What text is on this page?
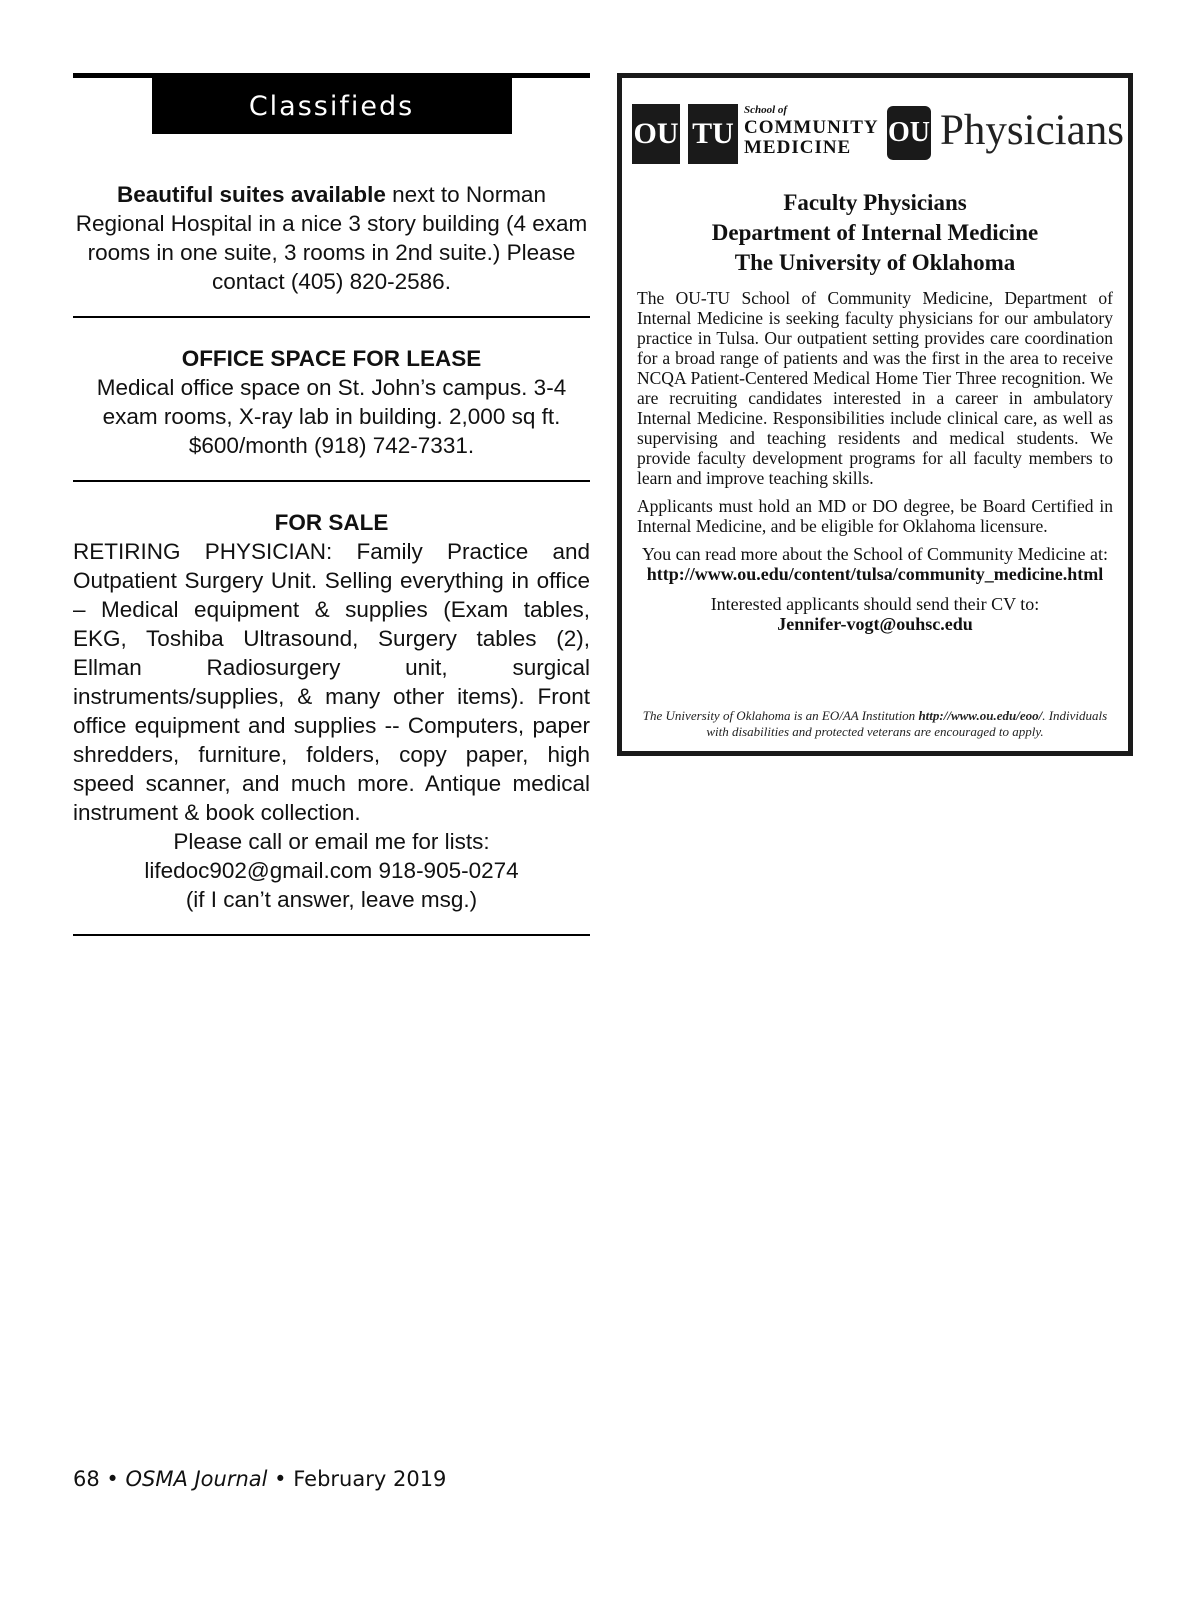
Classifieds
Beautiful suites available next to Norman Regional Hospital in a nice 3 story building (4 exam rooms in one suite, 3 rooms in 2nd suite.) Please contact (405) 820-2586.
OFFICE SPACE FOR LEASE
Medical office space on St. John’s campus. 3-4 exam rooms, X-ray lab in building. 2,000 sq ft. $600/month (918) 742-7331.
FOR SALE
RETIRING PHYSICIAN: Family Practice and Outpatient Surgery Unit. Selling everything in office – Medical equipment & supplies (Exam tables, EKG, Toshiba Ultrasound, Surgery tables (2), Ellman Radiosurgery unit, surgical instruments/supplies, & many other items). Front office equipment and supplies -- Computers, paper shredders, furniture, folders, copy paper, high speed scanner, and much more. Antique medical instrument & book collection.
Please call or email me for lists:
lifedoc902@gmail.com 918-905-0274
(if I can’t answer, leave msg.)
OU TU
School of
COMMUNITY
MEDICINE	OU Physicians
Faculty Physicians
Department of Internal Medicine
The University of Oklahoma

The OU-TU School of Community Medicine, Department of Internal Medicine is seeking faculty physicians for our ambulatory practice in Tulsa. Our outpatient setting provides care coordination for a broad range of patients and was the first in the area to receive NCQA Patient-Centered Medical Home Tier Three recognition. We are recruiting candidates interested in a career in ambulatory Internal Medicine. Responsibilities include clinical care, as well as supervising and teaching residents and medical students. We provide faculty development programs for all faculty members to learn and improve teaching skills.

Applicants must hold an MD or DO degree, be Board Certified in Internal Medicine, and be eligible for Oklahoma licensure.

You can read more about the School of Community Medicine at: http://www.ou.edu/content/tulsa/community_medicine.html
Interested applicants should send their CV to:
Jennifer-vogt@ouhsc.edu
The University of Oklahoma is an EO/AA Institution http://www.ou.edu/eoo/. Individuals with disabilities and protected veterans are encouraged to apply.
68 • OSMA Journal • February 2019
